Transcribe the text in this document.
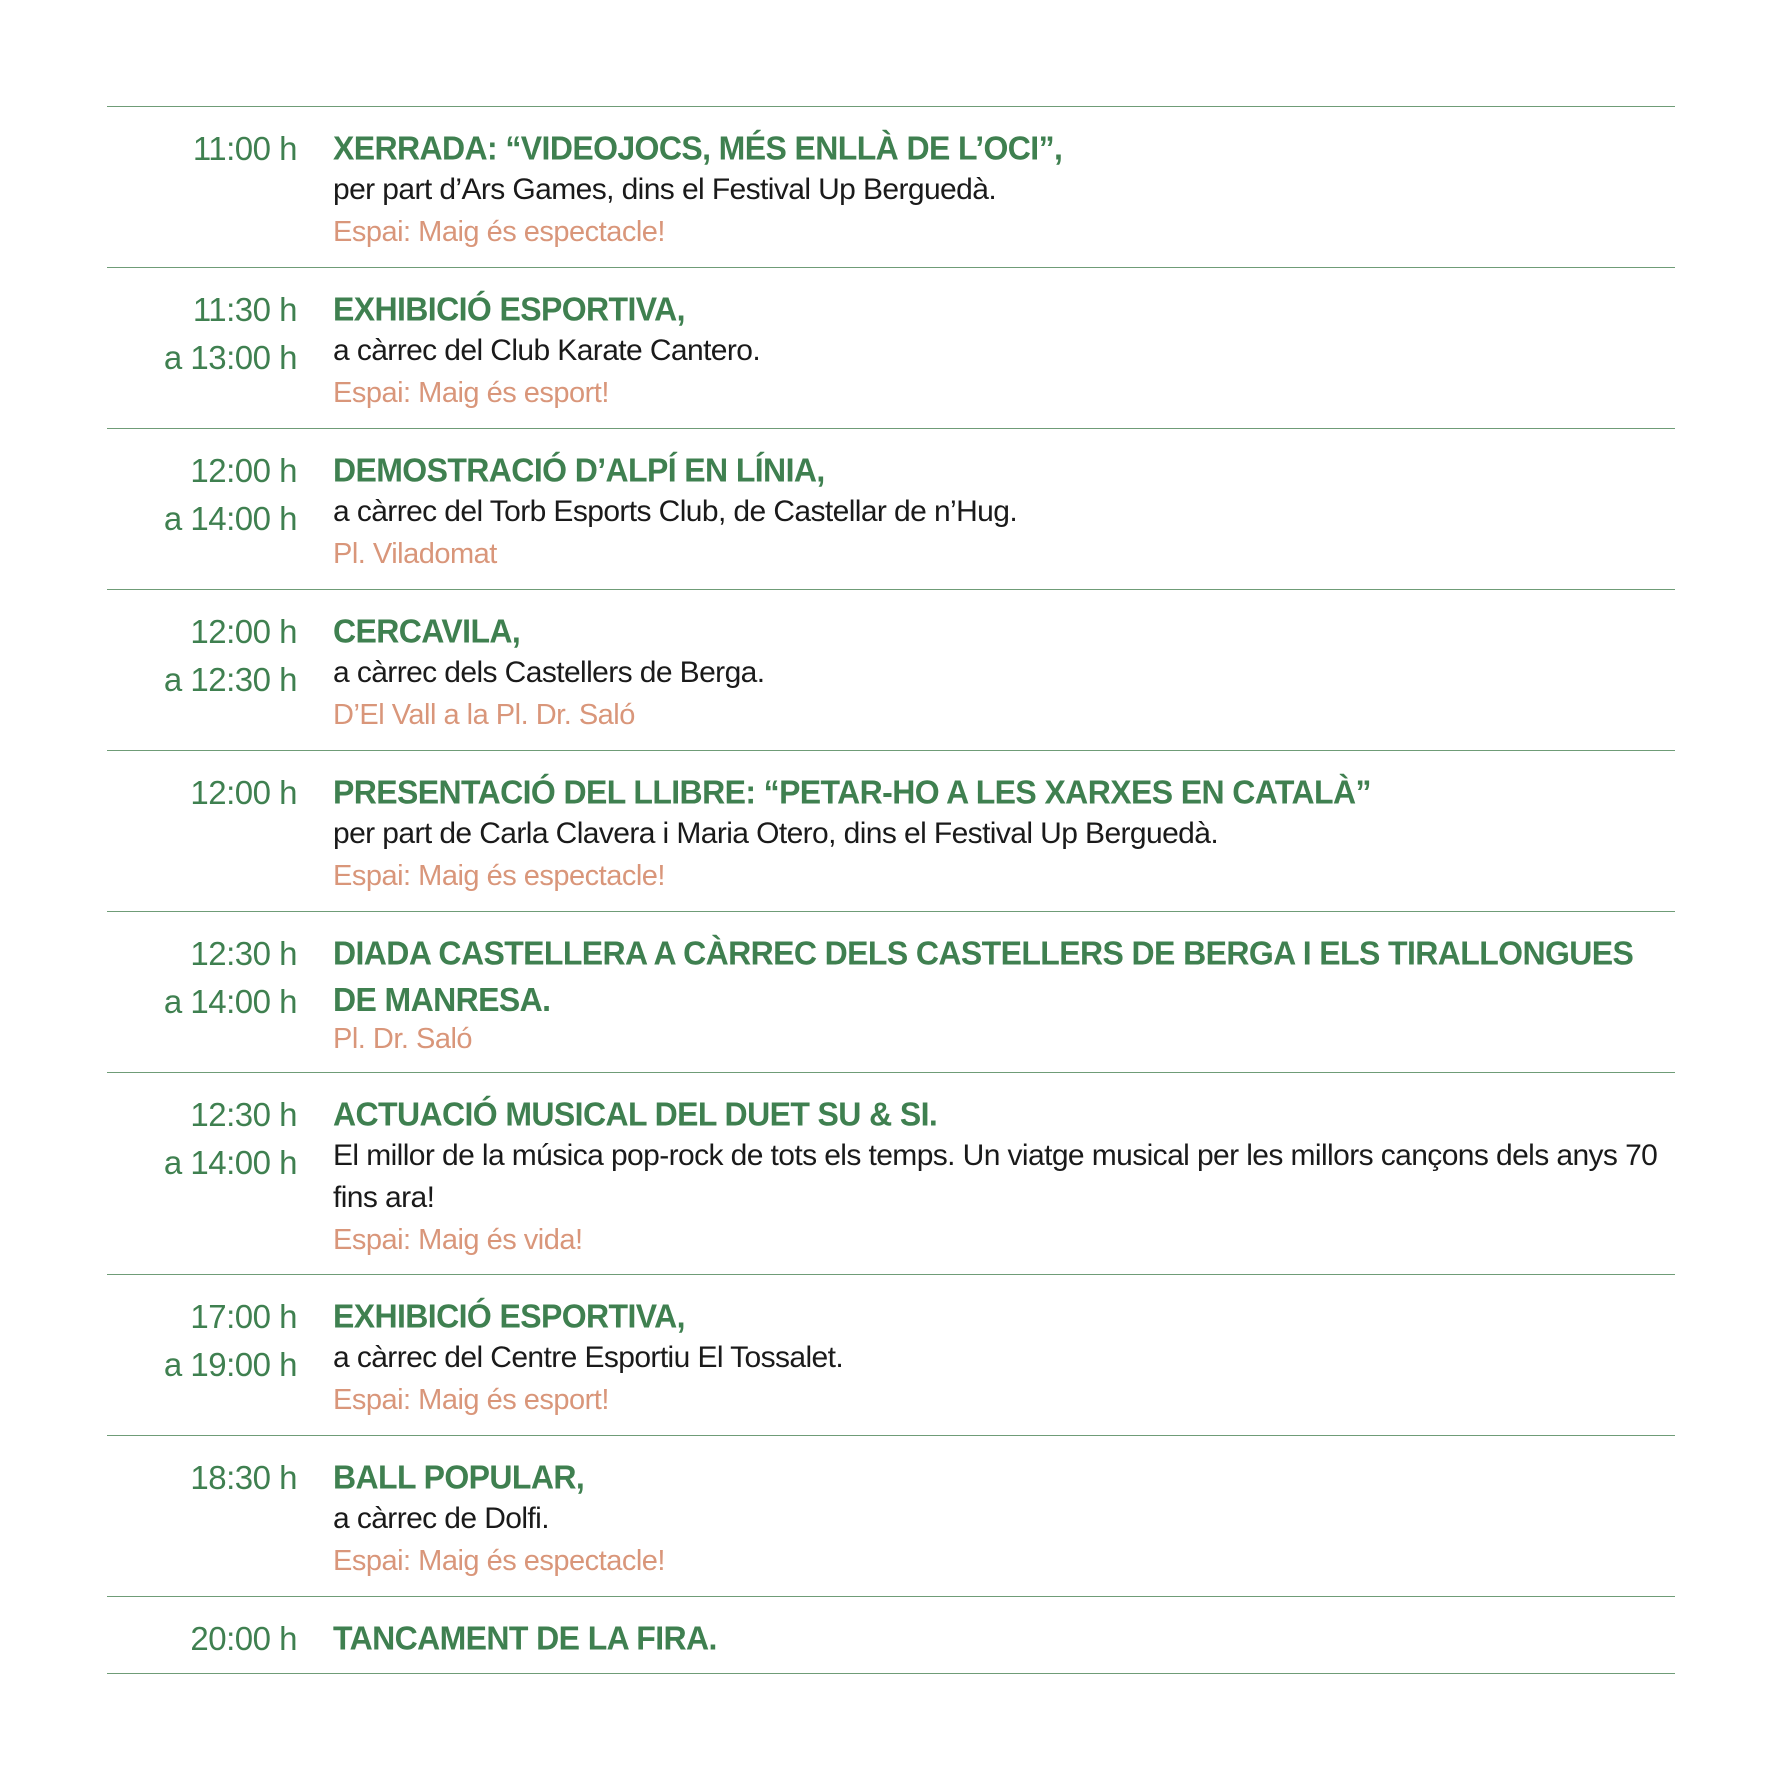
11:00 h XERRADA: “VIDEOJOCS, MÉS ENLLÀ DE L’OCI”,
per part d’Ars Games, dins el Festival Up Berguedà.
Espai: Maig és espectacle!
11:30 h
a 13:00 h
EXHIBICIÓ ESPORTIVA,
a càrrec del Club Karate Cantero.
Espai: Maig és esport!
12:00 h
a 14:00 h
DEMOSTRACIÓ D’ALPÍ EN LÍNIA,
a càrrec del Torb Esports Club, de Castellar de n’Hug.
Pl. Viladomat
12:00 h
a 12:30 h
CERCAVILA,
a càrrec dels Castellers de Berga.
D’El Vall a la Pl. Dr. Saló
12:00 h PRESENTACIÓ DEL LLIBRE: “PETAR-HO A LES XARXES EN CATALÀ”
per part de Carla Clavera i Maria Otero, dins el Festival Up Berguedà.
Espai: Maig és espectacle!
12:30 h
a 14:00 h
DIADA CASTELLERA A CÀRREC DELS CASTELLERS DE BERGA I ELS TIRALLONGUES DE MANRESA.
Pl. Dr. Saló
12:30 h
a 14:00 h
ACTUACIÓ MUSICAL DEL DUET SU & SI.
El millor de la música pop-rock de tots els temps. Un viatge musical per les millors cançons dels anys 70 fins ara!
Espai: Maig és vida!
17:00 h
a 19:00 h
EXHIBICIÓ ESPORTIVA,
a càrrec del Centre Esportiu El Tossalet.
Espai: Maig és esport!
18:30 h BALL POPULAR,
a càrrec de Dolfi.
Espai: Maig és espectacle!
20:00 h TANCAMENT DE LA FIRA.
